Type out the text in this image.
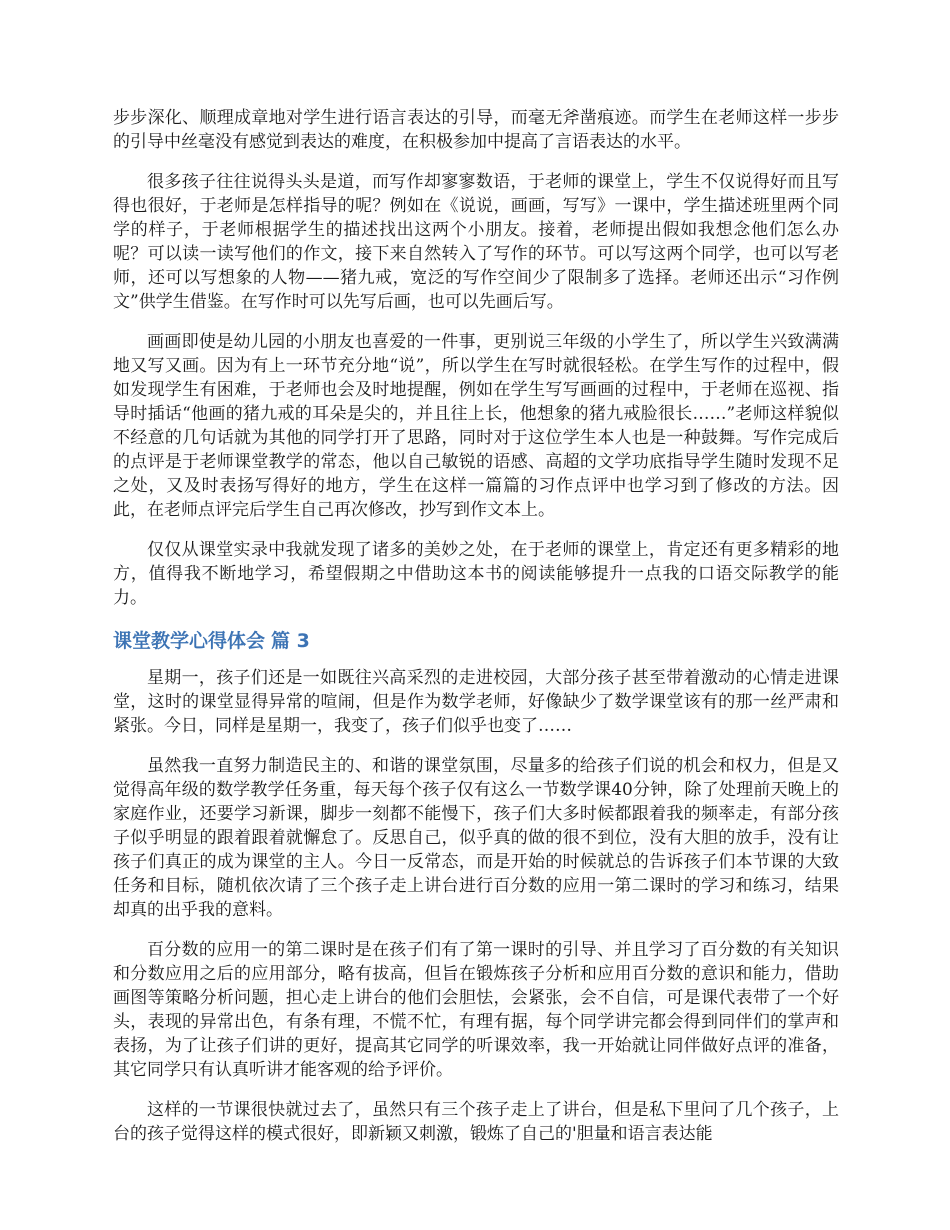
步步深化、顺理成章地对学生进行语言表达的引导，而毫无斧凿痕迹。而学生在老师这样一步步的引导中丝毫没有感觉到表达的难度，在积极参加中提高了言语表达的水平。

很多孩子往往说得头头是道，而写作却寥寥数语，于老师的课堂上，学生不仅说得好而且写得也很好，于老师是怎样指导的呢？例如在《说说，画画，写写》一课中，学生描述班里两个同学的样子，于老师根据学生的描述找出这两个小朋友。接着，老师提出假如我想念他们怎么办呢？可以读一读写他们的作文，接下来自然转入了写作的环节。可以写这两个同学，也可以写老师，还可以写想象的人物——猪九戒，宽泛的写作空间少了限制多了选择。老师还出示“习作例文”供学生借鉴。在写作时可以先写后画，也可以先画后写。

画画即使是幼儿园的小朋友也喜爱的一件事，更别说三年级的小学生了，所以学生兴致满满地又写又画。因为有上一环节充分地“说”，所以学生在写时就很轻松。在学生写作的过程中，假如发现学生有困难，于老师也会及时地提醒，例如在学生写写画画的过程中，于老师在巡视、指导时插话“他画的猪九戒的耳朵是尖的，并且往上长，他想象的猪九戒脸很长……”老师这样貌似不经意的几句话就为其他的同学打开了思路，同时对于这位学生本人也是一种鼓舞。写作完成后的点评是于老师课堂教学的常态，他以自己敏锐的语感、高超的文学功底指导学生随时发现不足之处，又及时表扬写得好的地方，学生在这样一篇篇的习作点评中也学习到了修改的方法。因此，在老师点评完后学生自己再次修改，抄写到作文本上。

仅仅从课堂实录中我就发现了诸多的美妙之处，在于老师的课堂上，肯定还有更多精彩的地方，值得我不断地学习，希望假期之中借助这本书的阅读能够提升一点我的口语交际教学的能力。

课堂教学心得体会 篇 3

星期一，孩子们还是一如既往兴高采烈的走进校园，大部分孩子甚至带着激动的心情走进课堂，这时的课堂显得异常的喧闹，但是作为数学老师，好像缺少了数学课堂该有的那一丝严肃和紧张。今日，同样是星期一，我变了，孩子们似乎也变了……

虽然我一直努力制造民主的、和谐的课堂氛围，尽量多的给孩子们说的机会和权力，但是又觉得高年级的数学教学任务重，每天每个孩子仅有这么一节数学课40分钟，除了处理前天晚上的家庭作业，还要学习新课，脚步一刻都不能慢下，孩子们大多时候都跟着我的频率走，有部分孩子似乎明显的跟着跟着就懈怠了。反思自己，似乎真的做的很不到位，没有大胆的放手，没有让孩子们真正的成为课堂的主人。今日一反常态，而是开始的时候就总的告诉孩子们本节课的大致任务和目标，随机依次请了三个孩子走上讲台进行百分数的应用一第二课时的学习和练习，结果却真的出乎我的意料。

百分数的应用一的第二课时是在孩子们有了第一课时的引导、并且学习了百分数的有关知识和分数应用之后的应用部分，略有拔高，但旨在锻炼孩子分析和应用百分数的意识和能力，借助画图等策略分析问题，担心走上讲台的他们会胆怯，会紧张，会不自信，可是课代表带了一个好头，表现的异常出色，有条有理，不慌不忙，有理有据，每个同学讲完都会得到同伴们的掌声和表扬，为了让孩子们讲的更好，提高其它同学的听课效率，我一开始就让同伴做好点评的准备，其它同学只有认真听讲才能客观的给予评价。

这样的一节课很快就过去了，虽然只有三个孩子走上了讲台，但是私下里问了几个孩子，上台的孩子觉得这样的模式很好，即新颖又刺激，锻炼了自己的'胆量和语言表达能
